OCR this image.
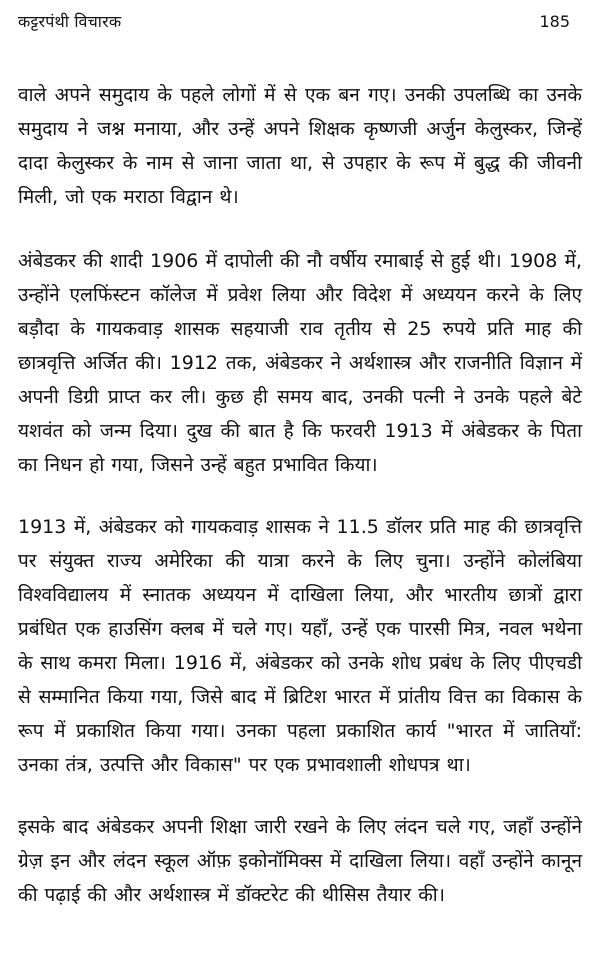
कट्टरपंथी विचारक	185

वाले अपने समुदाय के पहले लोगों में से एक बन गए। उनकी उपलब्धि का उनके समुदाय ने जश्न मनाया, और उन्हें अपने शिक्षक कृष्णजी अर्जुन केलुस्कर, जिन्हें दादा केलुस्कर के नाम से जाना जाता था, से उपहार के रूप में बुद्ध की जीवनी मिली, जो एक मराठा विद्वान थे।

अंबेडकर की शादी 1906 में दापोली की नौ वर्षीय रमाबाई से हुई थी। 1908 में, उन्होंने एलफिंस्टन कॉलेज में प्रवेश लिया और विदेश में अध्ययन करने के लिए बड़ौदा के गायकवाड़ शासक सहयाजी राव तृतीय से 25 रुपये प्रति माह की छात्रवृत्ति अर्जित की। 1912 तक, अंबेडकर ने अर्थशास्त्र और राजनीति विज्ञान में अपनी डिग्री प्राप्त कर ली। कुछ ही समय बाद, उनकी पत्नी ने उनके पहले बेटे यशवंत को जन्म दिया। दुख की बात है कि फरवरी 1913 में अंबेडकर के पिता का निधन हो गया, जिसने उन्हें बहुत प्रभावित किया।

1913 में, अंबेडकर को गायकवाड़ शासक ने 11.5 डॉलर प्रति माह की छात्रवृत्ति पर संयुक्त राज्य अमेरिका की यात्रा करने के लिए चुना। उन्होंने कोलंबिया विश्वविद्यालय में स्नातक अध्ययन में दाखिला लिया, और भारतीय छात्रों द्वारा प्रबंधित एक हाउसिंग क्लब में चले गए। यहाँ, उन्हें एक पारसी मित्र, नवल भथेना के साथ कमरा मिला। 1916 में, अंबेडकर को उनके शोध प्रबंध के लिए पीएचडी से सम्मानित किया गया, जिसे बाद में ब्रिटिश भारत में प्रांतीय वित्त का विकास के रूप में प्रकाशित किया गया। उनका पहला प्रकाशित कार्य "भारत में जातियाँ: उनका तंत्र, उत्पत्ति और विकास" पर एक प्रभावशाली शोधपत्र था।

इसके बाद अंबेडकर अपनी शिक्षा जारी रखने के लिए लंदन चले गए, जहाँ उन्होंने ग्रेज़ इन और लंदन स्कूल ऑफ़ इकोनॉमिक्स में दाखिला लिया। वहाँ उन्होंने कानून की पढ़ाई की और अर्थशास्त्र में डॉक्टरेट की थीसिस तैयार की।
